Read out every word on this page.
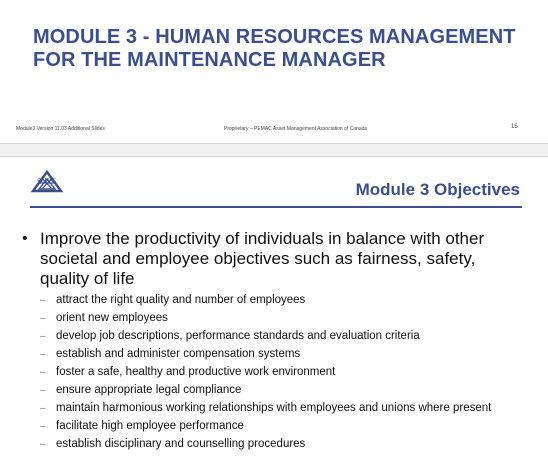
MODULE 3 - HUMAN RESOURCES MANAGEMENT FOR THE MAINTENANCE MANAGER
Module3 Version 11.03 Additional Slides	Proprietary – PEMAC Asset Management Association of Canada	15
PEMAC	Module 3 Objectives
• Improve the productivity of individuals in balance with other societal and employee objectives such as fairness, safety, quality of life
– attract the right quality and number of employees
– orient new employees
– develop job descriptions, performance standards and evaluation criteria
– establish and administer compensation systems
– foster a safe, healthy and productive work environment
– ensure appropriate legal compliance
– maintain harmonious working relationships with employees and unions where present
– facilitate high employee performance
– establish disciplinary and counselling procedures
